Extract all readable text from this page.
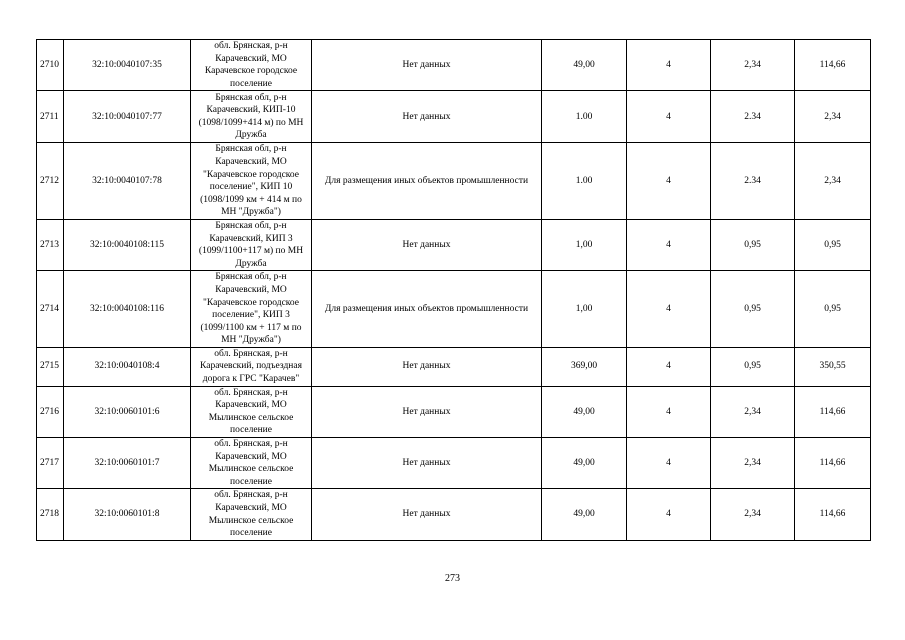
2710	32:10:0040107:35	обл. Брянская, р-н Карачевский, МО Карачевское городское поселение	Нет данных	49,00	4	2,34	114,66
2711	32:10:0040107:77	Брянская обл, р-н Карачевский, КИП-10 (1098/1099+414 м) по МН Дружба	Нет данных	1.00	4	2.34	2,34
2712	32:10:0040107:78	Брянская обл, р-н Карачевский, МО "Карачевское городское поселение", КИП 10 (1098/1099 км + 414 м по МН "Дружба")	Для размещения иных объектов промышленности	1.00	4	2.34	2,34
2713	32:10:0040108:115	Брянская обл, р-н Карачевский, КИП 3 (1099/1100+117 м) по МН Дружба	Нет данных	1,00	4	0,95	0,95
2714	32:10:0040108:116	Брянская обл, р-н Карачевский, МО "Карачевское городское поселение", КИП 3 (1099/1100 км + 117 м по МН "Дружба")	Для размещения иных объектов промышленности	1,00	4	0,95	0,95
2715	32:10:0040108:4	обл. Брянская, р-н Карачевский, подъездная дорога к ГРС "Карачев"	Нет данных	369,00	4	0,95	350,55
2716	32:10:0060101:6	обл. Брянская, р-н Карачевский, МО Мылинское сельское поселение	Нет данных	49,00	4	2,34	114,66
2717	32:10:0060101:7	обл. Брянская, р-н Карачевский, МО Мылинское сельское поселение	Нет данных	49,00	4	2,34	114,66
2718	32:10:0060101:8	обл. Брянская, р-н Карачевский, МО Мылинское сельское поселение	Нет данных	49,00	4	2,34	114,66
273
